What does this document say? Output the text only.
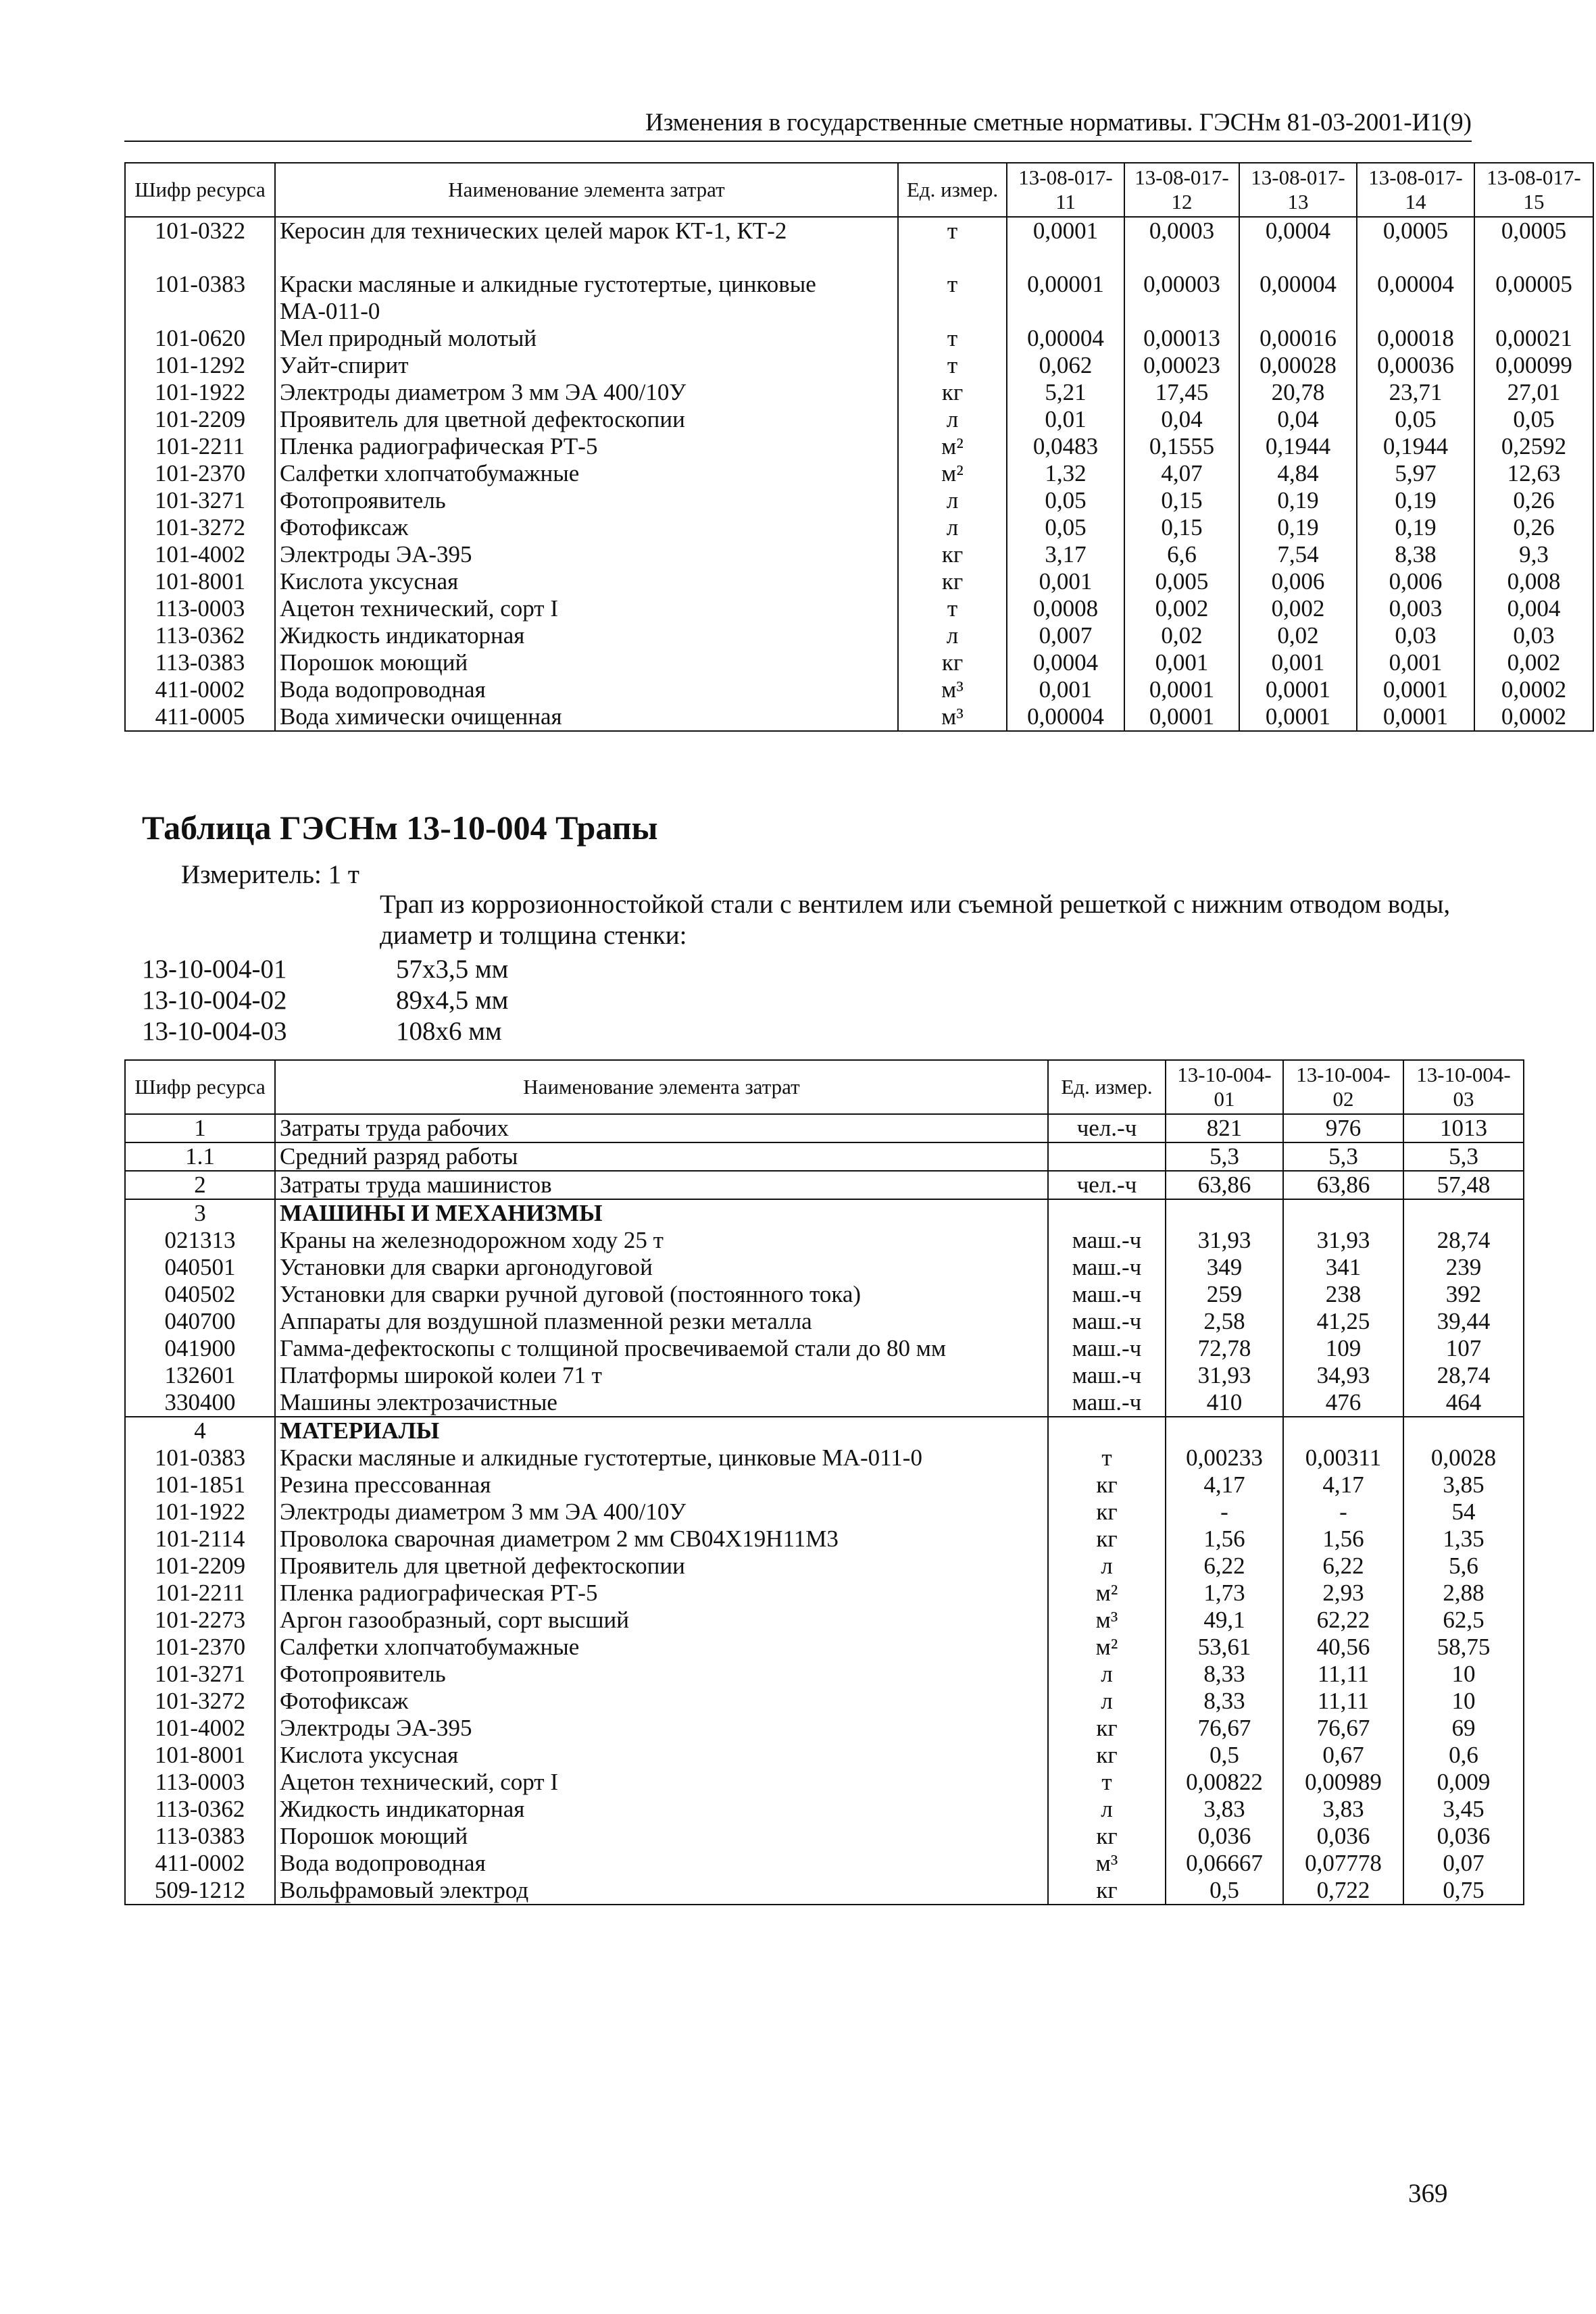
Изменения в государственные сметные нормативы. ГЭСНм 81-03-2001-И1(9)
Шифр ресурса	Наименование элемента затрат	Ед. измер.	13-08-017-11	13-08-017-12	13-08-017-13	13-08-017-14	13-08-017-15
101-0322	Керосин для технических целей марок КТ-1, КТ-2	т	0,0001	0,0003	0,0004	0,0005	0,0005
101-0383	Краски масляные и алкидные густотертые, цинковые МА-011-0	т	0,00001	0,00003	0,00004	0,00004	0,00005
101-0620	Мел природный молотый	т	0,00004	0,00013	0,00016	0,00018	0,00021
101-1292	Уайт-спирит	т	0,062	0,00023	0,00028	0,00036	0,00099
101-1922	Электроды диаметром 3 мм ЭА 400/10У	кг	5,21	17,45	20,78	23,71	27,01
101-2209	Проявитель для цветной дефектоскопии	л	0,01	0,04	0,04	0,05	0,05
101-2211	Пленка радиографическая РТ-5	м²	0,0483	0,1555	0,1944	0,1944	0,2592
101-2370	Салфетки хлопчатобумажные	м²	1,32	4,07	4,84	5,97	12,63
101-3271	Фотопроявитель	л	0,05	0,15	0,19	0,19	0,26
101-3272	Фотофиксаж	л	0,05	0,15	0,19	0,19	0,26
101-4002	Электроды ЭА-395	кг	3,17	6,6	7,54	8,38	9,3
101-8001	Кислота уксусная	кг	0,001	0,005	0,006	0,006	0,008
113-0003	Ацетон технический, сорт I	т	0,0008	0,002	0,002	0,003	0,004
113-0362	Жидкость индикаторная	л	0,007	0,02	0,02	0,03	0,03
113-0383	Порошок моющий	кг	0,0004	0,001	0,001	0,001	0,002
411-0002	Вода водопроводная	м³	0,001	0,0001	0,0001	0,0001	0,0002
411-0005	Вода химически очищенная	м³	0,00004	0,0001	0,0001	0,0001	0,0002
Таблица ГЭСНм 13-10-004 Трапы
Измеритель: 1 т
Трап из коррозионностойкой стали с вентилем или съемной решеткой с нижним отводом воды, диаметр и толщина стенки:
13-10-004-01	57х3,5 мм
13-10-004-02	89х4,5 мм
13-10-004-03	108х6 мм
Шифр ресурса	Наименование элемента затрат	Ед. измер.	13-10-004-01	13-10-004-02	13-10-004-03
1	Затраты труда рабочих	чел.-ч	821	976	1013
1.1	Средний разряд работы		5,3	5,3	5,3
2	Затраты труда машинистов	чел.-ч	63,86	63,86	57,48
3	МАШИНЫ И МЕХАНИЗМЫ				
021313	Краны на железнодорожном ходу 25 т	маш.-ч	31,93	31,93	28,74
040501	Установки для сварки аргонодуговой	маш.-ч	349	341	239
040502	Установки для сварки ручной дуговой (постоянного тока)	маш.-ч	259	238	392
040700	Аппараты для воздушной плазменной резки металла	маш.-ч	2,58	41,25	39,44
041900	Гамма-дефектоскопы с толщиной просвечиваемой стали до 80 мм	маш.-ч	72,78	109	107
132601	Платформы широкой колеи 71 т	маш.-ч	31,93	34,93	28,74
330400	Машины электрозачистные	маш.-ч	410	476	464
4	МАТЕРИАЛЫ				
101-0383	Краски масляные и алкидные густотертые, цинковые МА-011-0	т	0,00233	0,00311	0,0028
101-1851	Резина прессованная	кг	4,17	4,17	3,85
101-1922	Электроды диаметром 3 мм ЭА 400/10У	кг	-	-	54
101-2114	Проволока сварочная диаметром 2 мм СВ04Х19Н11М3	кг	1,56	1,56	1,35
101-2209	Проявитель для цветной дефектоскопии	л	6,22	6,22	5,6
101-2211	Пленка радиографическая РТ-5	м²	1,73	2,93	2,88
101-2273	Аргон газообразный, сорт высший	м³	49,1	62,22	62,5
101-2370	Салфетки хлопчатобумажные	м²	53,61	40,56	58,75
101-3271	Фотопроявитель	л	8,33	11,11	10
101-3272	Фотофиксаж	л	8,33	11,11	10
101-4002	Электроды ЭА-395	кг	76,67	76,67	69
101-8001	Кислота уксусная	кг	0,5	0,67	0,6
113-0003	Ацетон технический, сорт I	т	0,00822	0,00989	0,009
113-0362	Жидкость индикаторная	л	3,83	3,83	3,45
113-0383	Порошок моющий	кг	0,036	0,036	0,036
411-0002	Вода водопроводная	м³	0,06667	0,07778	0,07
509-1212	Вольфрамовый электрод	кг	0,5	0,722	0,75
369
